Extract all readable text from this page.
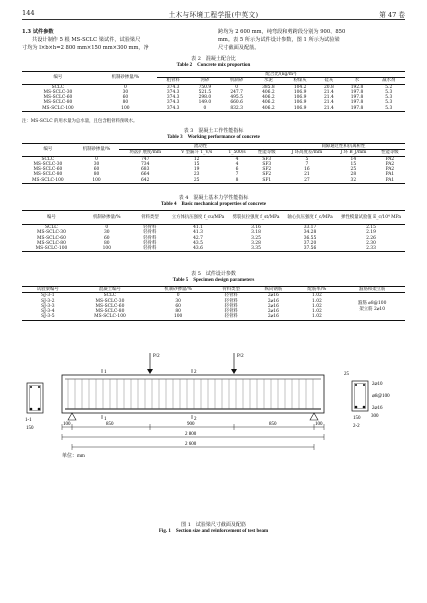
144	土木与环境工程学报(中英文)	第 47 卷
1.3 试件参数
共设计制作 5 根 MS-SCLC 梁试件，试验梁尺
寸均为 l×b×h=2 800 mm×150 mm×300 mm，净
跨均为 2 600 mm，纯弯段和剪跨段分别为 900、850
mm。表 5 所示为试件设计参数，图 1 所示为试验梁
尺寸截面及配筋。
表 2　混凝土配合比
Table 2　Concrete mix proportion
编号	机制砂掺量/%	配合比/(kg/m³)							
		粗骨料	河砂	机制砂	水泥	粉煤灰	硅灰	水	减水剂
SCLC	0	374.3	750.9	0	385.8	104.2	20.8	192.8	5.2
MS-SCLC-30	30	374.3	521.5	247.7	406.2	106.9	21.4	197.8	5.3
MS-SCLC-60	60	374.3	298.0	495.5	406.2	106.9	21.4	197.8	5.3
MS-SCLC-80	80	374.3	149.0	660.6	406.2	106.9	21.4	197.8	5.3
MS-SCLC-100	100	374.3	0	832.3	406.2	106.9	21.4	197.8	5.3
注：MS-SCLC 的用水量为总水量，且包含粗骨料预吸水。
表 3　混凝土工作性能指标
Table 3　Working performance of concrete
编号	机制砂掺量/%	流动性				间隙通过性和抗离析性		
		坍落扩展度/mm	V 型漏斗 T_V/s	T_500/s	性能等级	J 环高度差/mm	J 环 B_J/mm	性能等级
SCLC	0	747	12	4	SF3	5	14	PA2
MS-SCLC-30	30	734	15	4	SF3	7	15	PA2
MS-SCLC-60	60	683	19	6	SF2	16	25	PA2
MS-SCLC-80	80	664	23	7	SF2	21	28	PA1
MS-SCLC-100	100	642	25	8	SF1	27	32	PA1
表 4　混凝土基本力学性能指标
Table 4　Basic mechanical properties of concrete
编号	机制砂掺量/%	骨料类型	立方体抗压强度 f_cu/MPa	劈裂抗拉强度 f_st/MPa	轴心抗压强度 f_c/MPa	弹性模量试验值 E_c/10⁴ MPa
SCLC	0	轻骨料	41.1	3.16	33.17	2.15
MS-SCLC-30	30	轻骨料	41.3	3.18	34.28	2.19
MS-SCLC-60	60	轻骨料	42.7	3.25	36.55	2.26
MS-SCLC-80	80	轻骨料	43.5	3.28	37.20	2.30
MS-SCLC-100	100	轻骨料	43.6	3.35	37.56	2.33
表 5　试件设计参数
Table 5　Specimen design parameters
试验梁编号	混凝土编号	机制砂掺量/%	骨料类型	纵向钢筋	配筋率/%	箍筋和架立筋
SJ-3-1	SCLC	0	轻骨料	2⌀16	1.02	箍筋 ⌀8@100
架立筋 2⌀10

SJ-3-2	MS-SCLC-30	30	轻骨料	2⌀16	1.02	
SJ-3-3	MS-SCLC-60	60	轻骨料	2⌀16	1.02	
SJ-3-4	MS-SCLC-80	80	轻骨料	2⌀16	1.02	
SJ-3-5	MS-SCLC-100	100	轻骨料	2⌀16	1.02	
P/2	P/2
1
1
2
2
100	850	900	850	100
2 800
2 600
单位：mm
1-1
150
2⌀10
⌀8@100
2⌀16
300
150
2-2
25
图 1　试验梁尺寸截面及配筋
Fig. 1　Section size and reinforcement of test beam
